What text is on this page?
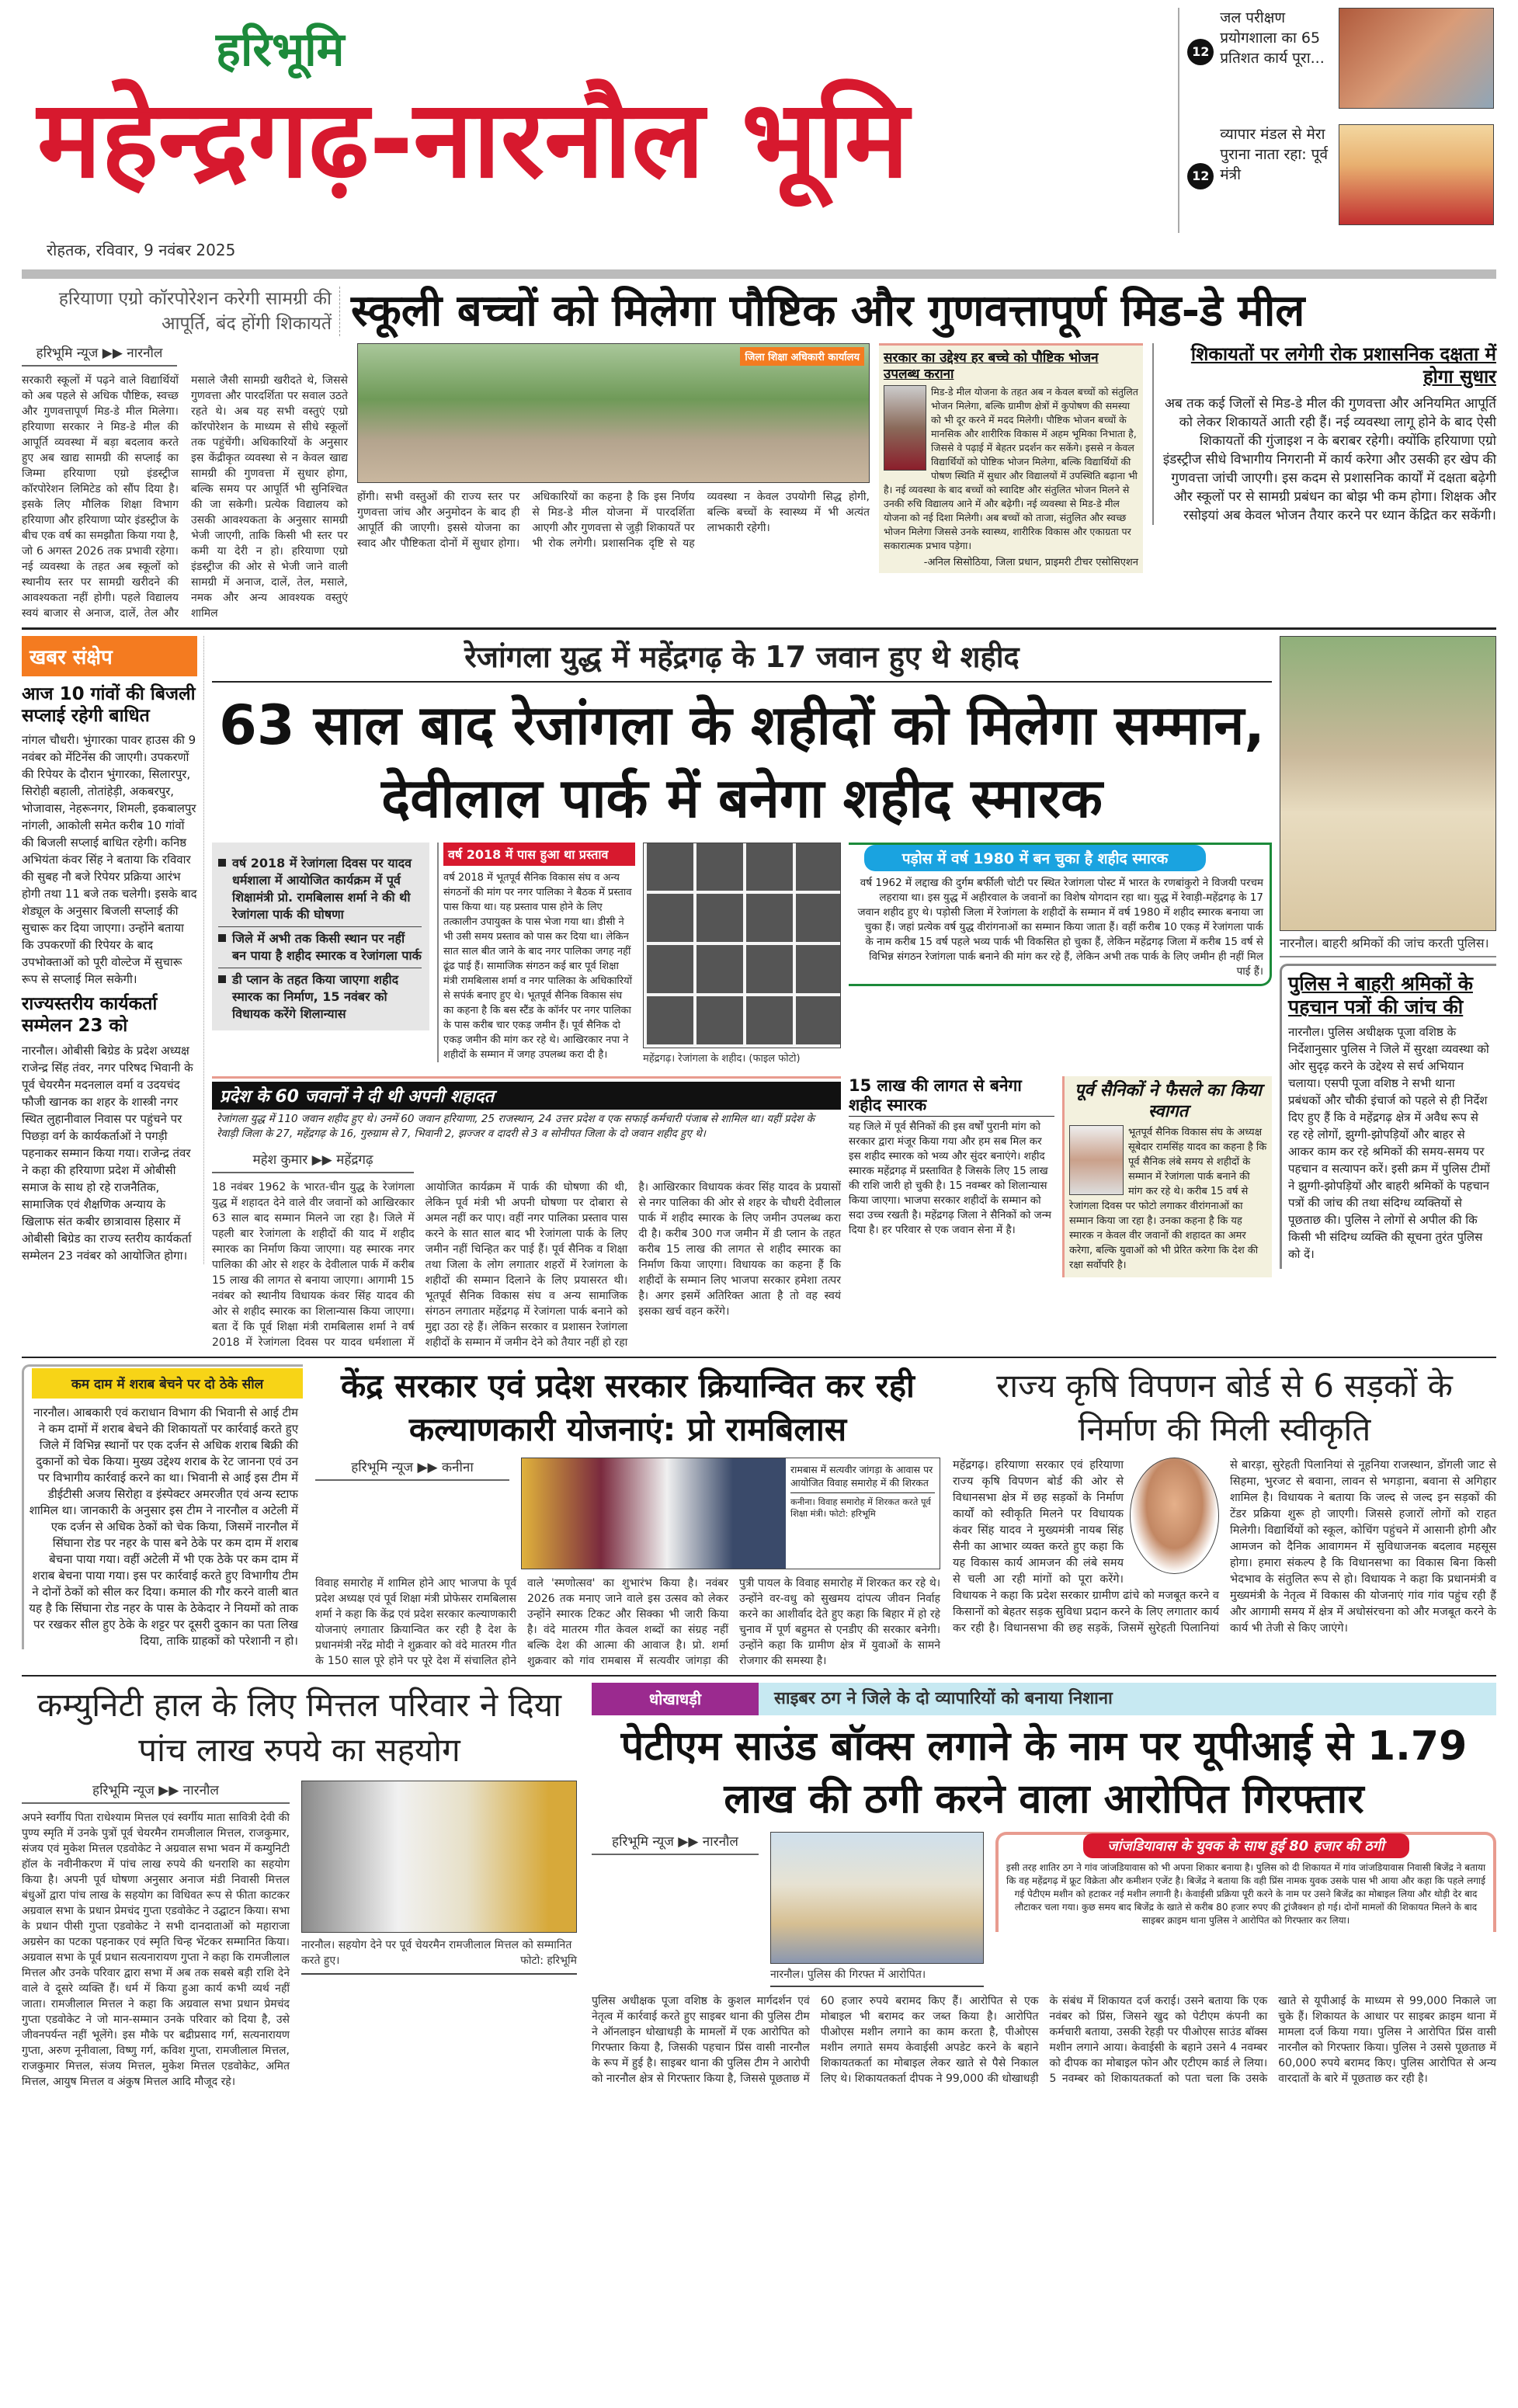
हरिभूमि
महेन्द्रगढ़-नारनौल भूमि
रोहतक, रविवार, 9 नवंबर 2025
12
जल परीक्षण प्रयोगशाला का 65 प्रतिशत कार्य पूरा...
12
व्यापार मंडल से मेरा पुराना नाता रहा: पूर्व मंत्री
हरियाणा एग्रो कॉरपोरेशन करेगी सामग्री की आपूर्ति, बंद होंगी शिकायतें स्कूली बच्चों को मिलेगा पौष्टिक और गुणवत्तापूर्ण मिड-डे मील
हरिभूमि न्यूज ▶▶ नारनौल
सरकारी स्कूलों में पढ़ने वाले विद्यार्थियों को अब पहले से अधिक पौष्टिक, स्वच्छ और गुणवत्तापूर्ण मिड-डे मील मिलेगा। हरियाणा सरकार ने मिड-डे मील की आपूर्ति व्यवस्था में बड़ा बदलाव करते हुए अब खाद्य सामग्री की सप्लाई का जिम्मा हरियाणा एग्रो इंडस्ट्रीज कॉरपोरेशन लिमिटेड को सौंप दिया है। इसके लिए मौलिक शिक्षा विभाग हरियाणा और हरियाणा प्योर इंडस्ट्रीज के बीच एक वर्ष का समझौता किया गया है, जो 6 अगस्त 2026 तक प्रभावी रहेगा। नई व्यवस्था के तहत अब स्कूलों को स्थानीय स्तर पर सामग्री खरीदने की आवश्यकता नहीं होगी। पहले विद्यालय स्वयं बाजार से अनाज, दालें, तेल और मसाले जैसी सामग्री खरीदते थे, जिससे गुणवत्ता और पारदर्शिता पर सवाल उठते रहते थे। अब यह सभी वस्तुएं एग्रो कॉरपोरेशन के माध्यम से सीधे स्कूलों तक पहुंचेंगी। अधिकारियों के अनुसार इस केंद्रीकृत व्यवस्था से न केवल खाद्य सामग्री की गुणवत्ता में सुधार होगा, बल्कि समय पर आपूर्ति भी सुनिश्चित की जा सकेगी। प्रत्येक विद्यालय को उसकी आवश्यकता के अनुसार सामग्री भेजी जाएगी, ताकि किसी भी स्तर पर कमी या देरी न हो। हरियाणा एग्रो इंडस्ट्रीज की ओर से भेजी जाने वाली सामग्री में अनाज, दालें, तेल, मसाले, नमक और अन्य आवश्यक वस्तुएं शामिल
जिला शिक्षा अधिकारी कार्यालय
होंगी। सभी वस्तुओं की राज्य स्तर पर गुणवत्ता जांच और अनुमोदन के बाद ही आपूर्ति की जाएगी। इससे योजना का स्वाद और पौष्टिकता दोनों में सुधार होगा। अधिकारियों का कहना है कि इस निर्णय से मिड-डे मील योजना में पारदर्शिता आएगी और गुणवत्ता से जुड़ी शिकायतें पर भी रोक लगेगी। प्रशासनिक दृष्टि से यह व्यवस्था न केवल उपयोगी सिद्ध होगी, बल्कि बच्चों के स्वास्थ्य में भी अत्यंत लाभकारी रहेगी।
सरकार का उद्देश्य हर बच्चे को पौष्टिक भोजन उपलब्ध कराना
मिड-डे मील योजना के तहत अब न केवल बच्चों को संतुलित भोजन मिलेगा, बल्कि ग्रामीण क्षेत्रों में कुपोषण की समस्या को भी दूर करने में मदद मिलेगी। पौष्टिक भोजन बच्चों के मानसिक और शारीरिक विकास में अहम भूमिका निभाता है, जिससे वे पढ़ाई में बेहतर प्रदर्शन कर सकेंगे। इससे न केवल विद्यार्थियों को पोष्टिक भोजन मिलेगा, बल्कि विद्यार्थियों की पोषण स्थिति में सुधार और विद्यालयों में उपस्थिति बढ़ाना भी है। नई व्यवस्था के बाद बच्चों को स्वादिष्ट और संतुलित भोजन मिलने से उनकी रुचि विद्यालय आने में और बढ़ेगी। नई व्यवस्था से मिड-डे मील योजना को नई दिशा मिलेगी। अब बच्चों को ताजा, संतुलित और स्वच्छ भोजन मिलेगा जिससे उनके स्वास्थ्य, शारीरिक विकास और एकाग्रता पर सकारात्मक प्रभाव पड़ेगा।
-अनिल सिसोठिया, जिला प्रधान, प्राइमरी टीचर एसोसिएशन
शिकायतों पर लगेगी रोक प्रशासनिक दक्षता में होगा सुधार
अब तक कई जिलों से मिड-डे मील की गुणवत्ता और अनियमित आपूर्ति को लेकर शिकायतें आती रही हैं। नई व्यवस्था लागू होने के बाद ऐसी शिकायतों की गुंजाइश न के बराबर रहेगी। क्योंकि हरियाणा एग्रो इंडस्ट्रीज सीधे विभागीय निगरानी में कार्य करेगा और उसकी हर खेप की गुणवत्ता जांची जाएगी। इस कदम से प्रशासनिक कार्यों में दक्षता बढ़ेगी और स्कूलों पर से सामग्री प्रबंधन का बोझ भी कम होगा। शिक्षक और रसोइयां अब केवल भोजन तैयार करने पर ध्यान केंद्रित कर सकेंगी।
खबर संक्षेप
आज 10 गांवों की बिजली सप्लाई रहेगी बाधित
नांगल चौधरी। भुंगारका पावर हाउस की 9 नवंबर को मेंटिनेंस की जाएगी। उपकरणों की रिपेयर के दौरान भुंगारका, सिलारपुर, सिरोही बहाली, तोतांहेड़ी, अकबरपुर, भोजावास, नेहरूनगर, शिमली, इकबालपुर नांगली, आकोली समेत करीब 10 गांवों की बिजली सप्लाई बाधित रहेगी। कनिष्ठ अभियंता कंवर सिंह ने बताया कि रविवार की सुबह नौ बजे रिपेयर प्रक्रिया आरंभ होगी तथा 11 बजे तक चलेगी। इसके बाद शेड्यूल के अनुसार बिजली सप्लाई की सुचारू कर दिया जाएगा। उन्होंने बताया कि उपकरणों की रिपेयर के बाद उपभोक्ताओं को पूरी वोल्टेज में सुचारू रूप से सप्लाई मिल सकेगी।
राज्यस्तरीय कार्यकर्ता सम्मेलन 23 को
नारनौल। ओबीसी बिग्रेड के प्रदेश अध्यक्ष राजेन्द्र सिंह तंवर, नगर परिषद भिवानी के पूर्व चेयरमैन मदनलाल वर्मा व उदयचंद फौजी खानक का शहर के शास्त्री नगर स्थित लुहानीवाल निवास पर पहुंचने पर पिछड़ा वर्ग के कार्यकर्ताओं ने पगड़ी पहनाकर सम्मान किया गया। राजेन्द्र तंवर ने कहा की हरियाणा प्रदेश में ओबीसी समाज के साथ हो रहे राजनैतिक, सामाजिक एवं शैक्षणिक अन्याय के खिलाफ संत कबीर छात्रावास हिसार में ओबीसी बिग्रेड का राज्य स्तरीय कार्यकर्ता सम्मेलन 23 नवंबर को आयोजित होगा।
रेजांगला युद्ध में महेंद्रगढ़ के 17 जवान हुए थे शहीद
63 साल बाद रेजांगला के शहीदों को मिलेगा सम्मान, देवीलाल पार्क में बनेगा शहीद स्मारक
वर्ष 2018 में रेजांगला दिवस पर यादव धर्मशाला में आयोजित कार्यक्रम में पूर्व शिक्षामंत्री प्रो. रामबिलास शर्मा ने की थी रेजांगला पार्क की घोषणा
जिले में अभी तक किसी स्थान पर नहीं बन पाया है शहीद स्मारक व रेजांगला पार्क
डी प्लान के तहत किया जाएगा शहीद स्मारक का निर्माण, 15 नवंबर को विधायक करेंगे शिलान्यास
वर्ष 2018 में पास हुआ था प्रस्ताव
वर्ष 2018 में भूतपूर्व सैनिक विकास संघ व अन्य संगठनों की मांग पर नगर पालिका ने बैठक में प्रस्ताव पास किया था। यह प्रस्ताव पास होने के लिए तत्कालीन उपायुक्त के पास भेजा गया था। डीसी ने भी उसी समय प्रस्ताव को पास कर दिया था। लेकिन सात साल बीत जाने के बाद नगर पालिका जगह नहीं ढूंढ पाई हैं। सामाजिक संगठन कई बार पूर्व शिक्षा मंत्री रामबिलास शर्मा व नगर पालिका के अधिकारियों से सपंर्क बनाए हुए थे। भूतपूर्व सैनिक विकास संघ का कहना है कि बस स्टैंड के कॉर्नर पर नगर पालिका के पास करीब चार एकड़ जमीन हैं। पूर्व सैनिक दो एकड़ जमीन की मांग कर रहे थे। आखिरकार नपा ने शहीदों के सम्मान में जगह उपलब्ध करा दी है।	महेंद्रगढ़। रेजांगला के शहीद। (फाइल फोटो)
पड़ोस में वर्ष 1980 में बन चुका है शहीद स्मारक
वर्ष 1962 में लद्दाख की दुर्गम बर्फीली चोटी पर स्थित रेजांगला पोस्ट में भारत के रणबांकुरो ने विजयी परचम लहराया था। इस युद्ध में अहीरवाल के जवानों का विशेष योगदान रहा था। युद्ध में रेवाड़ी-महेंद्रगढ़ के 17 जवान शहीद हुए थे। पड़ोसी जिला में रेजांगला के शहीदों के सम्मान में वर्ष 1980 में शहीद स्मारक बनाया जा चुका हैं। जहां प्रत्येक वर्ष युद्ध वीरांगनाओं का सम्मान किया जाता हैं। वहीं करीब 10 एकड़ में रेजांगला पार्क के नाम करीब 15 वर्ष पहले भव्य पार्क भी विकसित हो चुका हैं, लेकिन महेंद्रगढ़ जिला में करीब 15 वर्ष से विभिन्न संगठन रेजांगला पार्क बनाने की मांग कर रहे हैं, लेकिन अभी तक पार्क के लिए जमीन ही नहीं मिल पाई हैं।
प्रदेश के 60 जवानों ने दी थी अपनी शहादत
रेजांगला युद्ध में 110 जवान शहीद हुए थे। उनमें 60 जवान हरियाणा, 25 राजस्थान, 24 उत्तर प्रदेश व एक सफाई कर्मचारी पंजाब से शामिल था। यहीं प्रदेश के रेवाड़ी जिला के 27, महेंद्रगढ़ के 16, गुरुग्राम से 7, भिवानी 2, झज्जर व दादरी से 3 व सोनीपत जिला के दो जवान शहीद हुए थे।
महेश कुमार ▶▶ महेंद्रगढ़
18 नवंबर 1962 के भारत-चीन युद्ध के रेजांगला युद्ध में शहादत देने वाले वीर जवानों को आखिरकार 63 साल बाद सम्मान मिलने जा रहा है। जिले में पहली बार रेजांगला के शहीदों की याद में शहीद स्मारक का निर्माण किया जाएगा। यह स्मारक नगर पालिका की ओर से शहर के देवीलाल पार्क में करीब 15 लाख की लागत से बनाया जाएगा। आगामी 15 नवंबर को स्थानीय विधायक कंवर सिंह यादव की ओर से शहीद स्मारक का शिलान्यास किया जाएगा। बता दें कि पूर्व शिक्षा मंत्री रामबिलास शर्मा ने वर्ष 2018 में रेजांगला दिवस पर यादव धर्मशाला में आयोजित कार्यक्रम में पार्क की घोषणा की थी, लेकिन पूर्व मंत्री भी अपनी घोषणा पर दोबारा से अमल नहीं कर पाए। वहीं नगर पालिका प्रस्ताव पास करने के सात साल बाद भी रेजांगला पार्क के लिए जमीन नहीं चिन्हित कर पाई हैं। पूर्व सैनिक व शिक्षा तथा जिला के लोग लगातार शहरों में रेजांगला के शहीदों की सम्मान दिलाने के लिए प्रयासरत थी। भूतपूर्व सैनिक विकास संघ व अन्य सामाजिक संगठन लगातार महेंद्रगढ़ में रेजांगला पार्क बनाने को मुद्दा उठा रहे हैं। लेकिन सरकार व प्रशासन रेजांगला शहीदों के सम्मान में जमीन देने को तैयार नहीं हो रहा है। आखिरकार विधायक कंवर सिंह यादव के प्रयासों से नगर पालिका की ओर से शहर के चौधरी देवीलाल पार्क में शहीद स्मारक के लिए जमीन उपलब्ध करा दी है। करीब 300 गज जमीन में डी प्लान के तहत करीब 15 लाख की लागत से शहीद स्मारक का निर्माण किया जाएगा। विधायक का कहना हैं कि शहीदों के सम्मान लिए भाजपा सरकार हमेशा तत्पर है। अगर इसमें अतिरिक्त आता है तो वह स्वयं इसका खर्च वहन करेंगे।
15 लाख की लागत से बनेगा शहीद स्मारक
यह जिले में पूर्व सैनिकों की इस वर्षों पुरानी मांग को सरकार द्वारा मंजूर किया गया और हम सब मिल कर इस शहीद स्मारक को भव्य और सुंदर बनाएंगे। शहीद स्मारक महेंद्रगढ़ में प्रस्तावित है जिसके लिए 15 लाख की राशि जारी हो चुकी है। 15 नवम्बर को शिलान्यास किया जाएगा। भाजपा सरकार शहीदों के सम्मान को सदा उच्च रखती है। महेंद्रगढ़ जिला ने सैनिकों को जन्म दिया है। हर परिवार से एक जवान सेना में है।
पूर्व सैनिकों ने फैसले का किया स्वागत
भूतपूर्व सैनिक विकास संघ के अध्यक्ष सूबेदार रामसिंह यादव का कहना है कि पूर्व सैनिक लंबे समय से शहीदों के सम्मान में रेजांगला पार्क बनाने की मांग कर रहे थे। करीब 15 वर्ष से रेजांगला दिवस पर फोटो लगाकर वीरांगनाओं का सम्मान किया जा रहा है। उनका कहना है कि यह स्मारक न केवल वीर जवानों की शहादत का अमर करेगा, बल्कि युवाओं को भी प्रेरित करेगा कि देश की रक्षा सर्वोपरि है।
नारनौल। बाहरी श्रमिकों की जांच करती पुलिस।
पुलिस ने बाहरी श्रमिकों के पहचान पत्रों की जांच की
नारनौल। पुलिस अधीक्षक पूजा वशिष्ठ के निर्देशानुसार पुलिस ने जिले में सुरक्षा व्यवस्था को ओर सुदृढ़ करने के उद्देश्य से सर्च अभियान चलाया। एसपी पूजा वशिष्ठ ने सभी थाना प्रबंधकों और चौकी इंचार्ज को पहले से ही निर्देश दिए हुए हैं कि वे महेंद्रगढ़ क्षेत्र में अवैध रूप से रह रहे लोगों, झुग्गी-झोपड़ियों और बाहर से आकर काम कर रहे श्रमिकों की समय-समय पर पहचान व सत्यापन करें। इसी क्रम में पुलिस टीमों ने झुग्गी-झोपड़ियों और बाहरी श्रमिकों के पहचान पत्रों की जांच की तथा संदिग्ध व्यक्तियों से पूछताछ की। पुलिस ने लोगों से अपील की कि किसी भी संदिग्ध व्यक्ति की सूचना तुरंत पुलिस को दें।
कम दाम में शराब बेचने पर दो ठेके सील
नारनौल। आबकारी एवं कराधान विभाग की भिवानी से आई टीम ने कम दामों में शराब बेचने की शिकायतों पर कार्रवाई करते हुए जिले में विभिन्न स्थानों पर एक दर्जन से अधिक शराब बिक्री की दुकानों को चेक किया। मुख्य उद्देश्य शराब के रेट जानना एवं उन पर विभागीय कार्रवाई करने का था। भिवानी से आई इस टीम में डीईटीसी अजय सिरोहा व इंस्पेक्टर अमरजीत एवं अन्य स्टाफ शामिल था। जानकारी के अनुसार इस टीम ने नारनौल व अटेली में एक दर्जन से अधिक ठेकों को चेक किया, जिसमें नारनौल में सिंघाना रोड पर नहर के पास बने ठेके पर कम दाम में शराब बेचना पाया गया। वहीं अटेली में भी एक ठेके पर कम दाम में शराब बेचना पाया गया। इस पर कार्रवाई करते हुए विभागीय टीम ने दोनों ठेकों को सील कर दिया। कमाल की गौर करने वाली बात यह है कि सिंघाना रोड नहर के पास के ठेकेदार ने नियमों को ताक पर रखकर सील हुए ठेके के शट्टर पर दूसरी दुकान का पता लिख दिया, ताकि ग्राहकों को परेशानी न हो।
केंद्र सरकार एवं प्रदेश सरकार क्रियान्वित कर रही कल्याणकारी योजनाएं: प्रो रामबिलास
हरिभूमि न्यूज ▶▶ कनीना	रामबास में सत्यवीर जांगड़ा के आवास पर आयोजित विवाह समारोह में की शिरकत
कनीना। विवाह समारोह में शिरकत करते पूर्व शिक्षा मंत्री। फोटो: हरिभूमि
विवाह समारोह में शामिल होने आए भाजपा के पूर्व प्रदेश अध्यक्ष एवं पूर्व शिक्षा मंत्री प्रोफेसर रामबिलास शर्मा ने कहा कि केंद्र एवं प्रदेश सरकार कल्याणकारी योजनाएं लगातार क्रियान्वित कर रही है देश के प्रधानमंत्री नरेंद्र मोदी ने शुक्रवार को वंदे मातरम गीत के 150 साल पूरे होने पर पूरे देश में संचालित होने वाले 'स्मणोत्सव' का शुभारंभ किया है। नवंबर 2026 तक मनाए जाने वाले इस उत्सव को लेकर उन्होंने स्मारक टिकट और सिक्का भी जारी किया है। वंदे मातरम गीत केवल शब्दों का संग्रह नहीं बल्कि देश की आत्मा की आवाज है। प्रो. शर्मा शुक्रवार को गांव रामबास में सत्यवीर जांगड़ा की पुत्री पायल के विवाह समारोह में शिरकत कर रहे थे। उन्होंने वर-वधु को सुखमय दांपत्य जीवन निर्वाह करने का आशीर्वाद देते हुए कहा कि बिहार में हो रहे चुनाव में पूर्ण बहुमत से एनडीए की सरकार बनेगी। उन्होंने कहा कि ग्रामीण क्षेत्र में युवाओं के सामने रोजगार की समस्या है।
राज्य कृषि विपणन बोर्ड से 6 सड़कों के निर्माण की मिली स्वीकृति
महेंद्रगढ़। हरियाणा सरकार एवं हरियाणा राज्य कृषि विपणन बोर्ड की ओर से विधानसभा क्षेत्र में छह सड़कों के निर्माण कार्यों को स्वीकृति मिलने पर विधायक कंवर सिंह यादव ने मुख्यमंत्री नायब सिंह सैनी का आभार व्यक्त करते हुए कहा कि यह विकास कार्य आमजन की लंबे समय से चली आ रही मांगों को पूरा करेंगे। विधायक ने कहा कि प्रदेश सरकार ग्रामीण ढांचे को मजबूत करने व किसानों को बेहतर सड़क सुविधा प्रदान करने के लिए लगातार कार्य कर रही है। विधानसभा की छह सड़कें, जिसमें सुरेहती पिलानियां से बारड़ा, सुरेहती पिलानियां से नूहनिया राजस्थान, डोंगली जाट से सिहमा, भुरजट से बवाना, लावन से भगड़ाना, बवाना से अगिहार शामिल है। विधायक ने बताया कि जल्द से जल्द इन सड़कों की टेंडर प्रक्रिया शुरू हो जाएगी। जिससे हजारों लोगों को राहत मिलेगी। विद्यार्थियों को स्कूल, कोचिंग पहुंचने में आसानी होगी और आमजन को दैनिक आवागमन में सुविधाजनक बदलाव महसूस होगा। हमारा संकल्प है कि विधानसभा का विकास बिना किसी भेदभाव के संतुलित रूप से हो। विधायक ने कहा कि प्रधानमंत्री व मुख्यमंत्री के नेतृत्व में विकास की योजनाएं गांव गांव पहुंच रही हैं और आगामी समय में क्षेत्र में अधोसंरचना को और मजबूत करने के कार्य भी तेजी से किए जाएंगे।
कम्युनिटी हाल के लिए मित्तल परिवार ने दिया पांच लाख रुपये का सहयोग
हरिभूमि न्यूज ▶▶ नारनौल
अपने स्वर्गीय पिता राधेश्याम मित्तल एवं स्वर्गीय माता सावित्री देवी की पुण्य स्मृति में उनके पुत्रों पूर्व चेयरमैन रामजीलाल मित्तल, राजकुमार, संजय एवं मुकेश मित्तल एडवोकेट ने अग्रवाल सभा भवन में कम्युनिटी हॉल के नवीनीकरण में पांच लाख रुपये की धनराशि का सहयोग किया है। अपनी पूर्व घोषणा अनुसार अनाज मंडी निवासी मित्तल बंधुओं द्वारा पांच लाख के सहयोग का विधिवत रूप से फीता काटकर अग्रवाल सभा के प्रधान प्रेमचंद गुप्ता एडवोकेट ने उद्घाटन किया। सभा के प्रधान पीसी गुप्ता एडवोकेट ने सभी दानदाताओं को महाराजा अग्रसेन का पटका पहनाकर एवं स्मृति चिन्ह भेंटकर सम्मानित किया। अग्रवाल सभा के पूर्व प्रधान सत्यनारायण गुप्ता ने कहा कि रामजीलाल मित्तल और उनके परिवार द्वारा सभा में अब तक सबसे बड़ी राशि देने वाले वे दूसरे व्यक्ति हैं। धर्म में किया हुआ कार्य कभी व्यर्थ नहीं जाता। रामजीलाल मित्तल ने कहा कि अग्रवाल सभा प्रधान प्रेमचंद गुप्ता एडवोकेट ने जो मान-सम्मान उनके परिवार को दिया है, उसे जीवनपर्यन्त नहीं भूलेंगे। इस मौके पर बद्रीप्रसाद गर्ग, सत्यनारायण गुप्ता, अरुण नूनीवाला, विष्णु गर्ग, कविश गुप्ता, रामजीलाल मित्तल, राजकुमार मित्तल, संजय मित्तल, मुकेश मित्तल एडवोकेट, अमित मित्तल, आयुष मित्तल व अंकुष मित्तल आदि मौजूद रहे।
नारनौल। सहयोग देने पर पूर्व चेयरमैन रामजीलाल मित्तल को सम्मानित करते हुए।	फोटो: हरिभूमि
धोखाधड़ी	साइबर ठग ने जिले के दो व्यापारियों को बनाया निशाना
पेटीएम साउंड बॉक्स लगाने के नाम पर यूपीआई से 1.79 लाख की ठगी करने वाला आरोपित गिरफ्तार
हरिभूमि न्यूज ▶▶ नारनौल
नारनौल। पुलिस की गिरफ्त में आरोपित।
जांजडियावास के युवक के साथ हुई 80 हजार की ठगी
इसी तरह शातिर ठग ने गांव जांजडियावास को भी अपना शिकार बनाया है। पुलिस को दी शिकायत में गांव जांजडियावास निवासी बिजेंद्र ने बताया कि वह महेंद्रगढ़ में फ्रूट विक्रेता और कमीशन एजेंट है। बिजेंद्र ने बताया कि वही प्रिंस नामक युवक उसके पास भी आया और कहा कि पहले लगाई गई पेटीएम मशीन को हटाकर नई मशीन लगानी है। केवाईसी प्रक्रिया पूरी करने के नाम पर उसने बिजेंद्र का मोबाइल लिया और थोड़ी देर बाद लौटाकर चला गया। कुछ समय बाद बिजेंद्र के खाते से करीब 80 हजार रुपए की ट्रांजैक्शन हो गई। दोनों मामलों की शिकायत मिलने के बाद साइबर क्राइम थाना पुलिस ने आरोपित को गिरफ्तार कर लिया।
पुलिस अधीक्षक पूजा वशिष्ठ के कुशल मार्गदर्शन एवं नेतृत्व में कार्रवाई करते हुए साइबर थाना की पुलिस टीम ने ऑनलाइन धोखाधड़ी के मामलों में एक आरोपित को गिरफ्तार किया है, जिसकी पहचान प्रिंस वासी नारनौल के रूप में हुई है। साइबर थाना की पुलिस टीम ने आरोपी को नारनौल क्षेत्र से गिरफ्तार किया है, जिससे पूछताछ में 60 हजार रुपये बरामद किए हैं। आरोपित से एक मोबाइल भी बरामद कर जब्त किया है। आरोपित पीओएस मशीन लगाने का काम करता है, पीओएस मशीन लगाते समय केवाईसी अपडेट करने के बहाने शिकायतकर्ता का मोबाइल लेकर खाते से पैसे निकाल लिए थे। शिकायतकर्ता दीपक ने 99,000 की धोखाधड़ी के संबंध में शिकायत दर्ज कराई। उसने बताया कि एक नवंबर को प्रिंस, जिसने खुद को पेटीएम कंपनी का कर्मचारी बताया, उसकी रेहड़ी पर पीओएस साउंड बॉक्स मशीन लगाने आया। केवाईसी के बहाने उसने 4 नवम्बर को दीपक का मोबाइल फोन और एटीएम कार्ड ले लिया। 5 नवम्बर को शिकायतकर्ता को पता चला कि उसके खाते से यूपीआई के माध्यम से 99,000 निकाले जा चुके हैं। शिकायत के आधार पर साइबर क्राइम थाना में मामला दर्ज किया गया। पुलिस ने आरोपित प्रिंस वासी नारनौल को गिरफ्तार किया। पुलिस ने उससे पूछताछ में 60,000 रुपये बरामद किए। पुलिस आरोपित से अन्य वारदातों के बारे में पूछताछ कर रही है।
